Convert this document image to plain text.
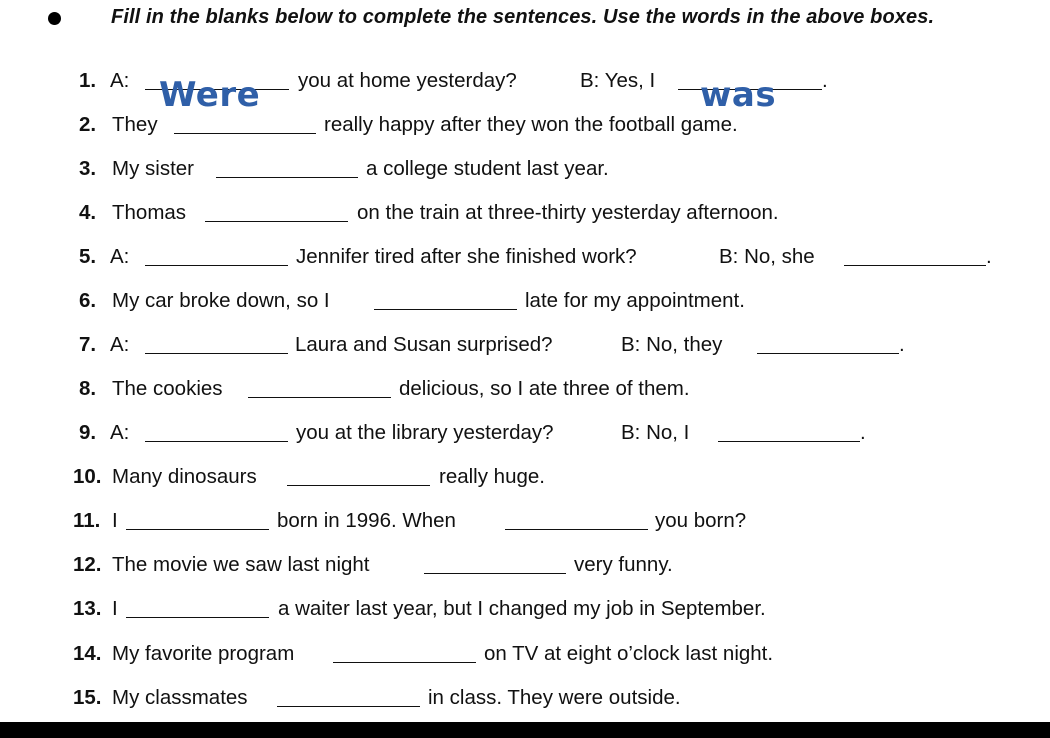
Fill in the blanks below to complete the sentences. Use the words in the above boxes.
1. A: Were you at home yesterday?	B: Yes, I was .
2. They	really happy after they won the football game.
3. My sister	a college student last year.
4. Thomas	on the train at three-thirty yesterday afternoon.
5. A:	Jennifer tired after she finished work?	B: No, she	.
6. My car broke down, so I	late for my appointment.
7. A:	Laura and Susan surprised?	B: No, they	.
8. The cookies	delicious, so I ate three of them.
9. A:	you at the library yesterday?	B: No, I	.
10. Many dinosaurs	really huge.
11. I	born in 1996. When	you born?
12. The movie we saw last night	very funny.
13. I	a waiter last year, but I changed my job in September.
14. My favorite program	on TV at eight o’clock last night.
15. My classmates	in class. They were outside.
